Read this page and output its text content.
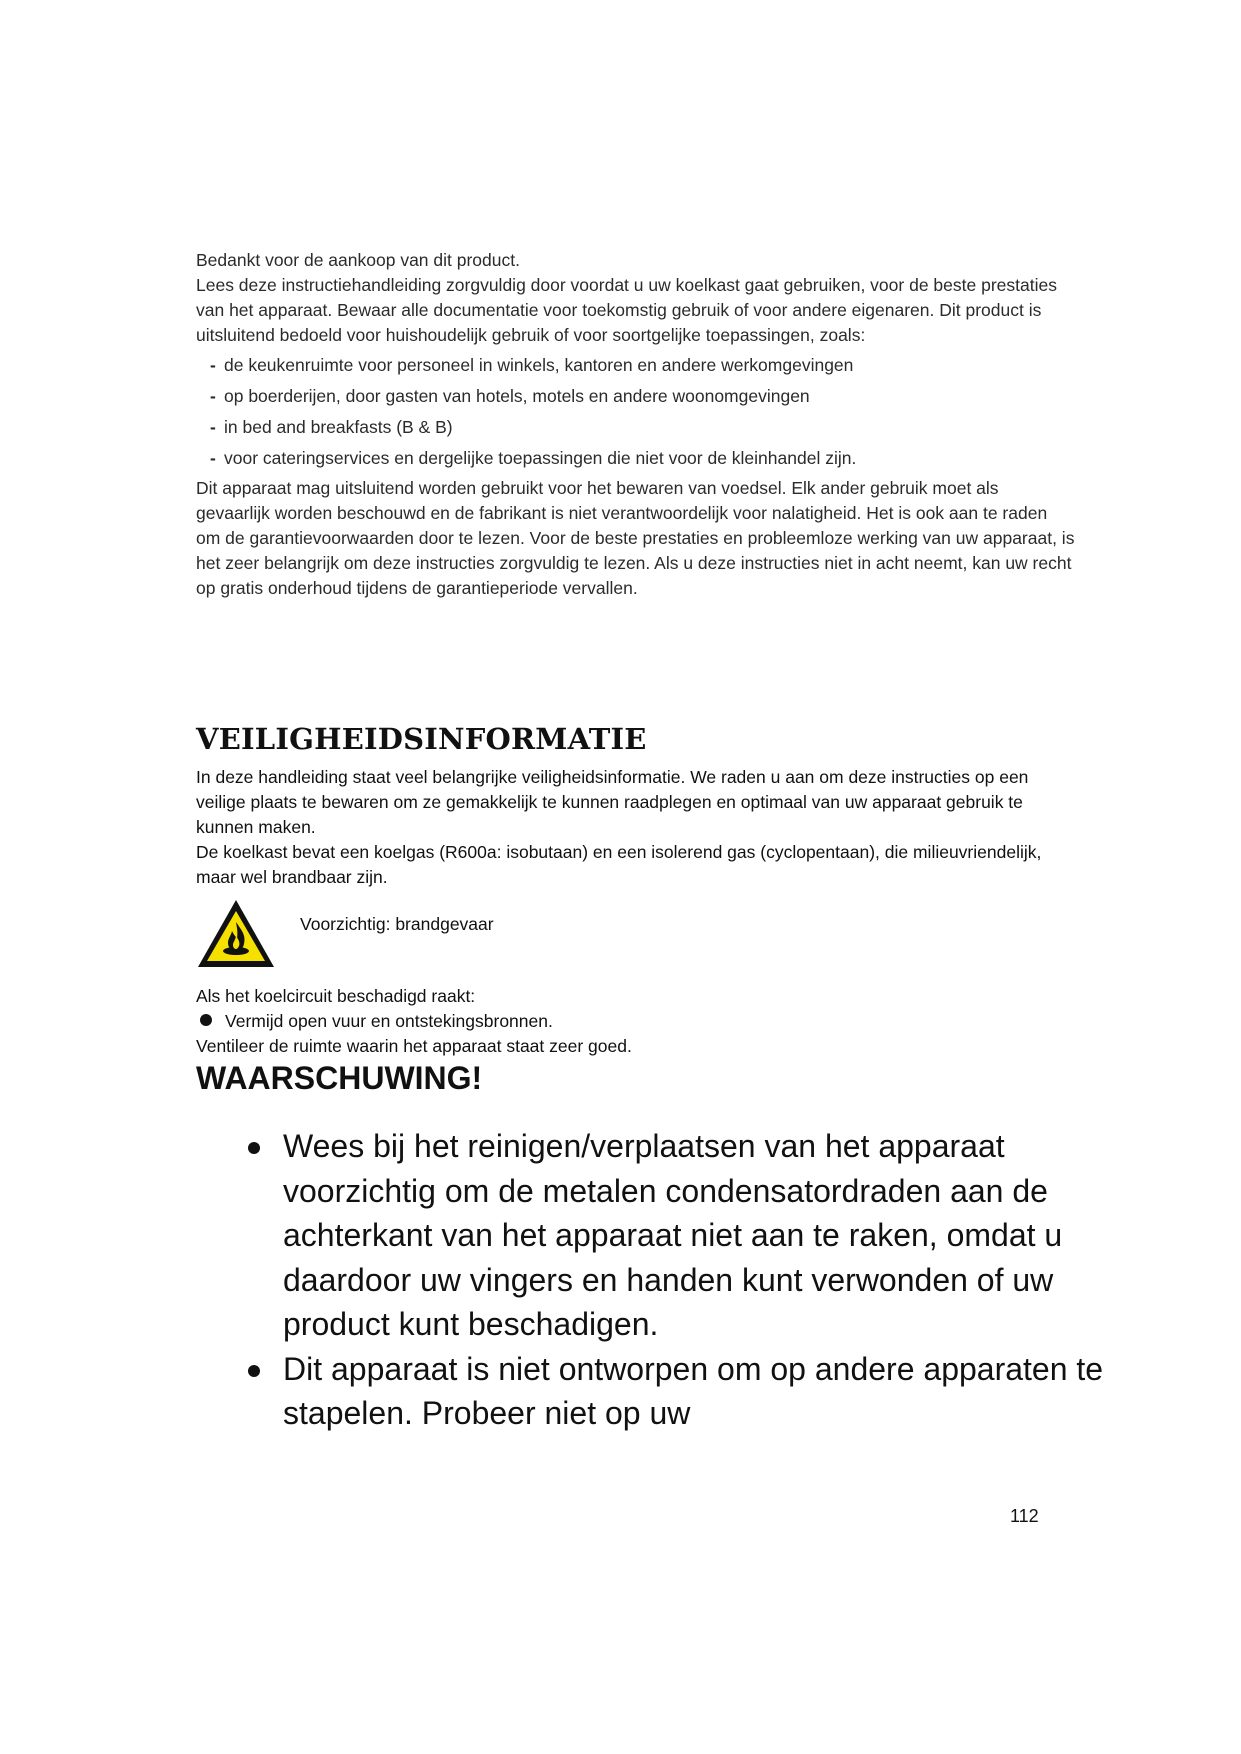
Bedankt voor de aankoop van dit product.

Lees deze instructiehandleiding zorgvuldig door voordat u uw koelkast gaat gebruiken, voor de beste prestaties van het apparaat. Bewaar alle documentatie voor toekomstig gebruik of voor andere eigenaren. Dit product is uitsluitend bedoeld voor huishoudelijk gebruik of voor soortgelijke toepassingen, zoals:

- de keukenruimte voor personeel in winkels, kantoren en andere werkomgevingen
- op boerderijen, door gasten van hotels, motels en andere woonomgevingen
- in bed and breakfasts (B & B)
- voor cateringservices en dergelijke toepassingen die niet voor de kleinhandel zijn.

Dit apparaat mag uitsluitend worden gebruikt voor het bewaren van voedsel. Elk ander gebruik moet als gevaarlijk worden beschouwd en de fabrikant is niet verantwoordelijk voor nalatigheid. Het is ook aan te raden om de garantievoorwaarden door te lezen. Voor de beste prestaties en probleemloze werking van uw apparaat, is het zeer belangrijk om deze instructies zorgvuldig te lezen. Als u deze instructies niet in acht neemt, kan uw recht op gratis onderhoud tijdens de garantieperiode vervallen.

VEILIGHEIDSINFORMATIE

In deze handleiding staat veel belangrijke veiligheidsinformatie. We raden u aan om deze instructies op een veilige plaats te bewaren om ze gemakkelijk te kunnen raadplegen en optimaal van uw apparaat gebruik te kunnen maken.

De koelkast bevat een koelgas (R600a: isobutaan) en een isolerend gas (cyclopentaan), die milieuvriendelijk, maar wel brandbaar zijn.

Voorzichtig: brandgevaar

Als het koelcircuit beschadigd raakt:

Vermijd open vuur en ontstekingsbronnen.

Ventileer de ruimte waarin het apparaat staat zeer goed.

WAARSCHUWING!
Wees bij het reinigen/verplaatsen van het apparaat voorzichtig om de metalen condensatordraden aan de achterkant van het apparaat niet aan te raken, omdat u daardoor uw vingers en handen kunt verwonden of uw product kunt beschadigen.
Dit apparaat is niet ontworpen om op andere apparaten te stapelen. Probeer niet op uw
112
